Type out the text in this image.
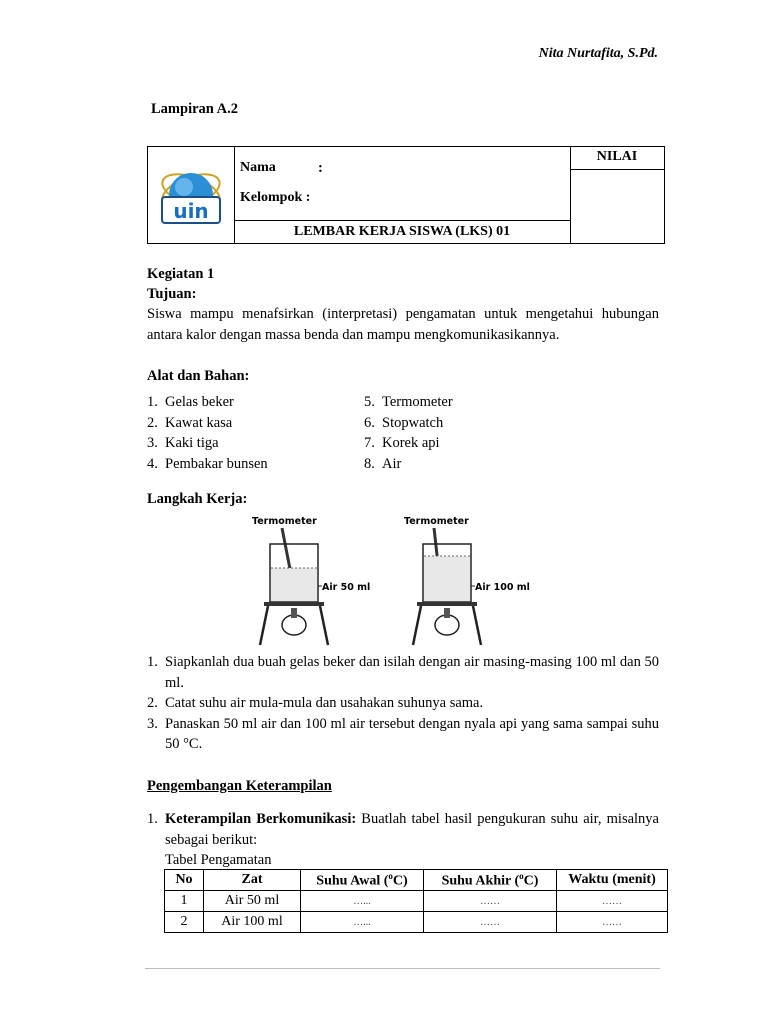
Nita Nurtafita, S.Pd.
Lampiran A.2
uin
Nama	:
Kelompok :
LEMBAR KERJA SISWA (LKS) 01
NILAI
Kegiatan 1
Tujuan:
Siswa mampu menafsirkan (interpretasi) pengamatan untuk mengetahui hubungan antara kalor dengan massa benda dan mampu mengkomunikasikannya.
Alat dan Bahan:
1. Gelas beker
2. Kawat kasa
3. Kaki tiga
4. Pembakar bunsen
5. Termometer
6. Stopwatch
7. Korek api
8. Air
Langkah Kerja:
Termometer
Air 50 ml
Termometer
Air 100 ml
1. Siapkanlah dua buah gelas beker dan isilah dengan air masing-masing 100 ml dan 50 ml.
2. Catat suhu air mula-mula dan usahakan suhunya sama.
3. Panaskan 50 ml air dan 100 ml air tersebut dengan nyala api yang sama sampai suhu 50 °C.
Pengembangan Keterampilan
1. Keterampilan Berkomunikasi: Buatlah tabel hasil pengukuran suhu air, misalnya sebagai berikut:
Tabel Pengamatan
No	Zat	Suhu Awal ($^o$C)	Suhu Akhir ($^o$C)	Waktu (menit)
1	Air 50 ml	…...	……	……
2	Air 100 ml	…...	……	……
